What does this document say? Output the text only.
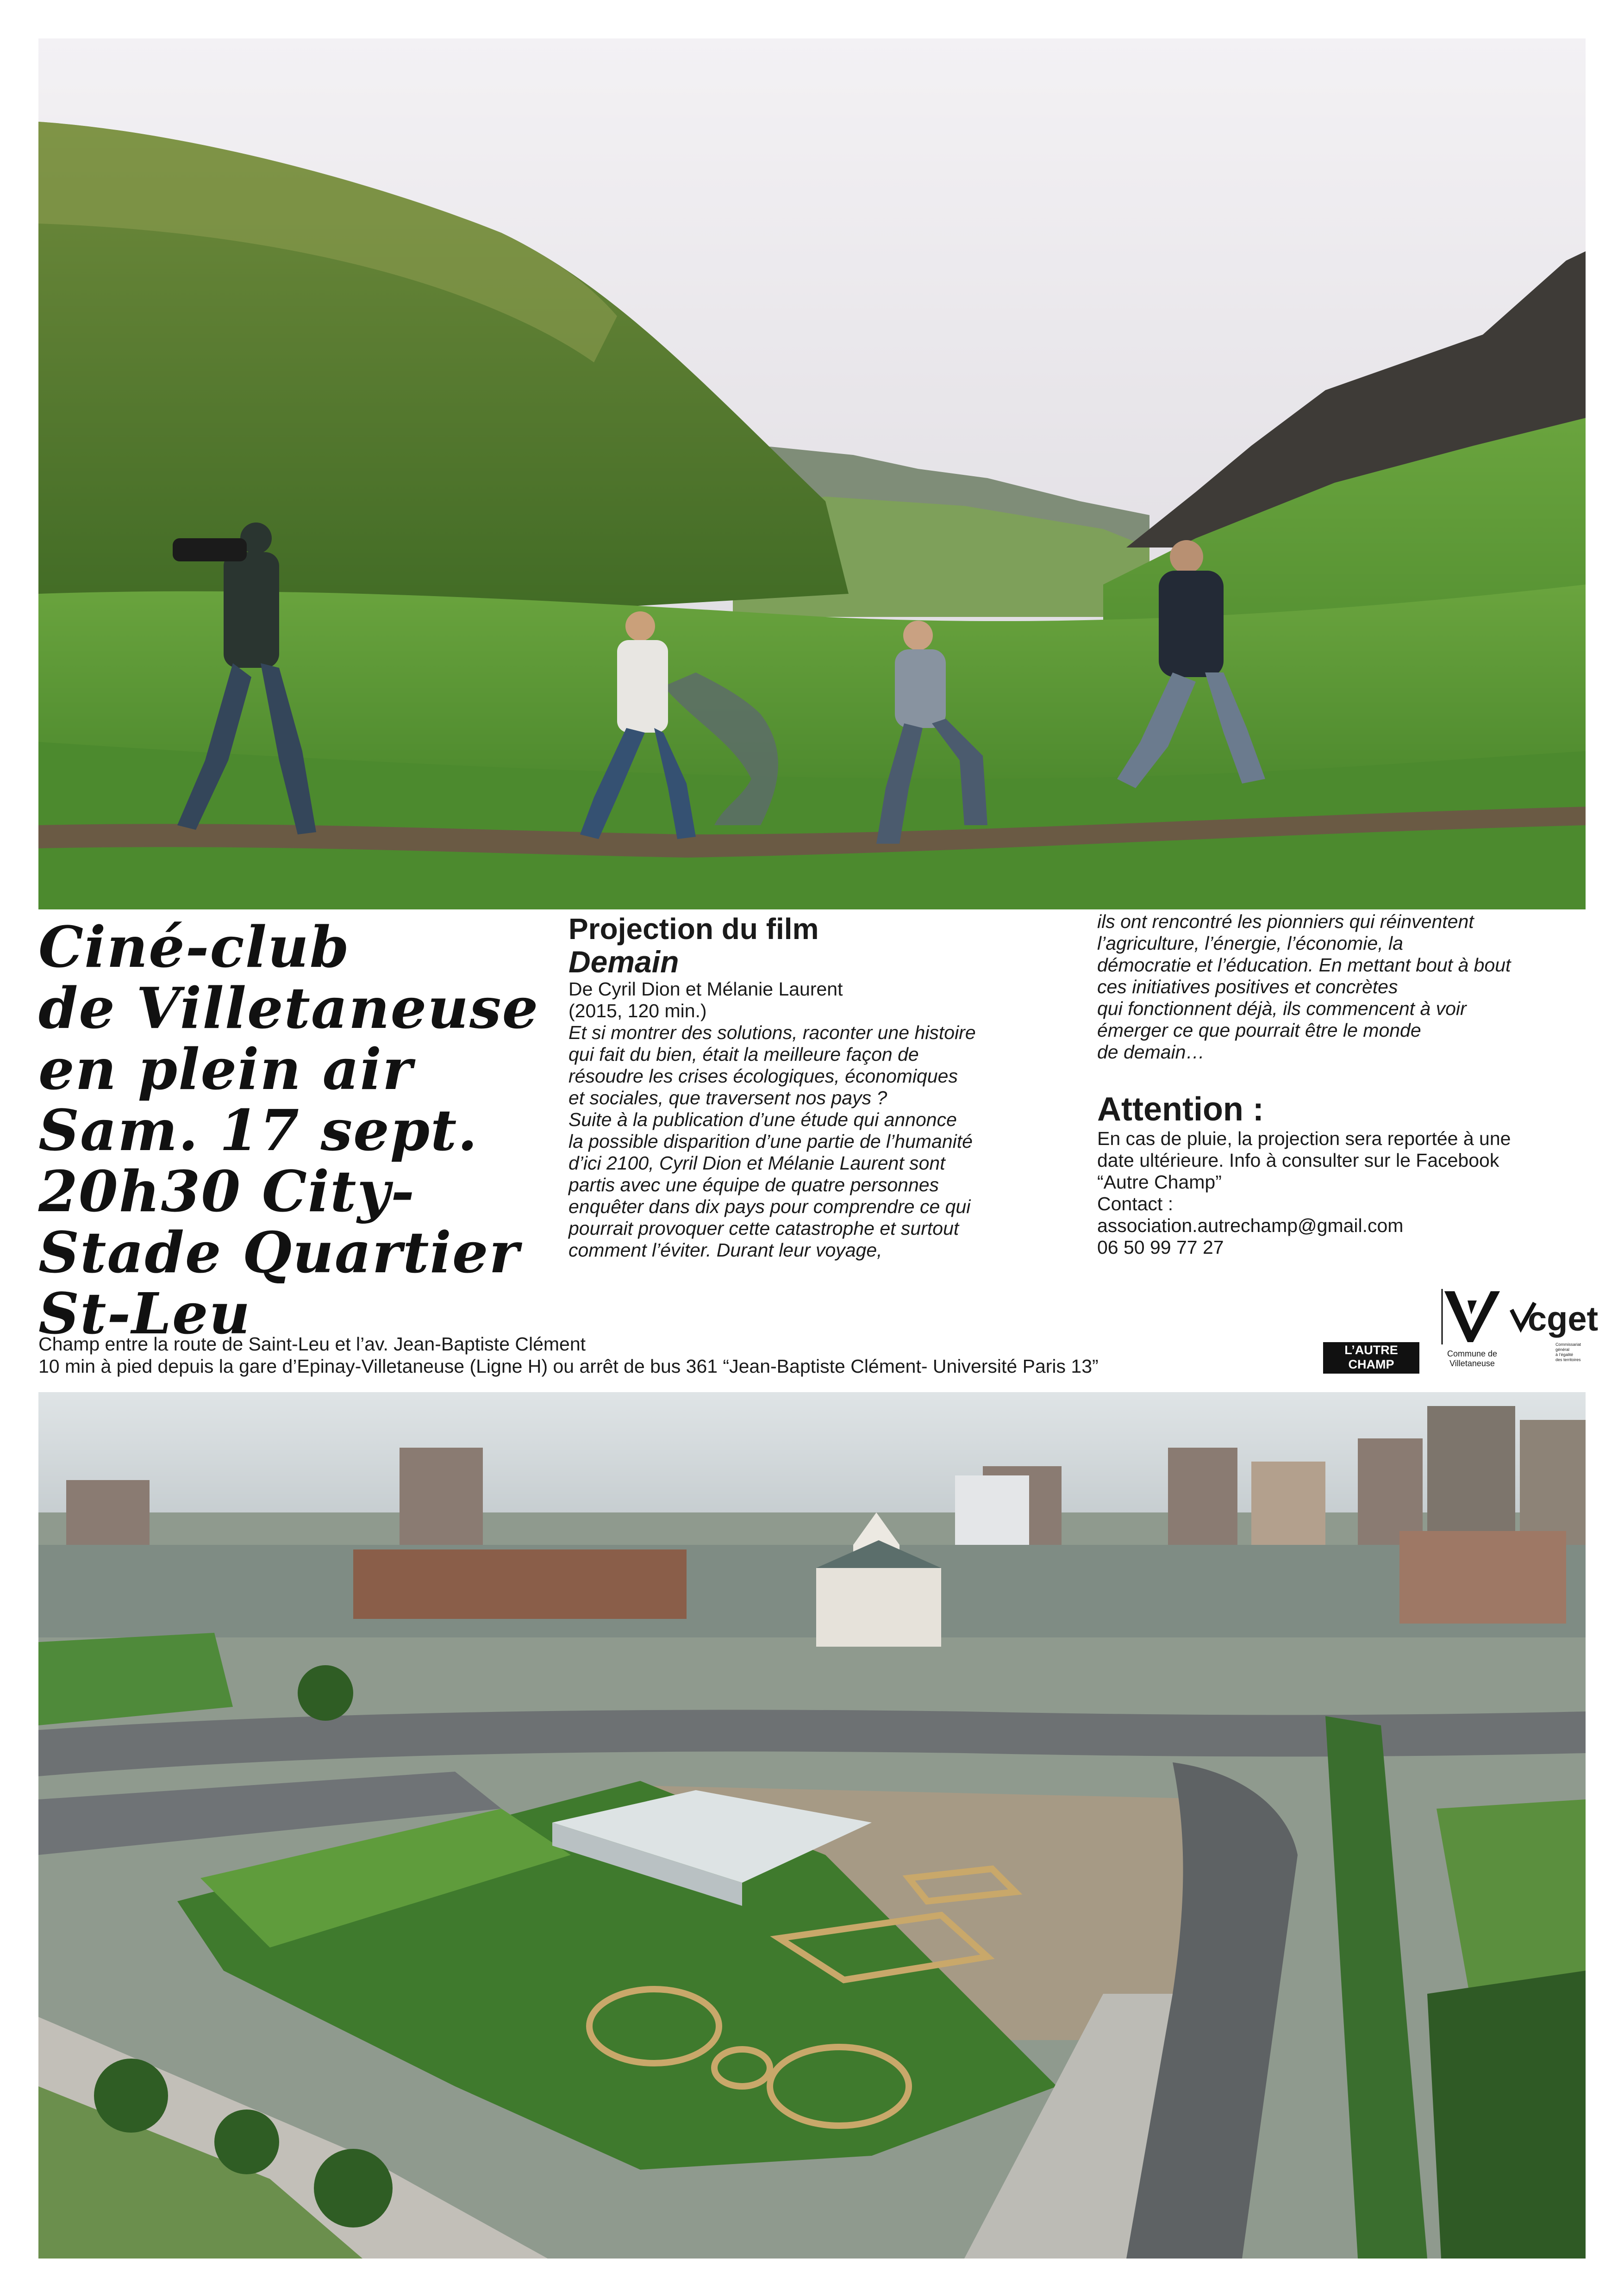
Ciné-club
de Villetaneuse
en plein air
Sam. 17 sept.
20h30 City-
Stade Quartier
St-Leu
Projection du film
Demain
De Cyril Dion et Mélanie Laurent
(2015, 120 min.)
Et si montrer des solutions, raconter une histoire
qui fait du bien, était la meilleure façon de
résoudre les crises écologiques, économiques
et sociales, que traversent nos pays ?
Suite à la publication d’une étude qui annonce
la possible disparition d’une partie de l’humanité
d’ici 2100, Cyril Dion et Mélanie Laurent sont
partis avec une équipe de quatre personnes
enquêter dans dix pays pour comprendre ce qui
pourrait provoquer cette catastrophe et surtout
comment l’éviter. Durant leur voyage,
ils ont rencontré les pionniers qui réinventent
l’agriculture, l’énergie, l’économie, la
démocratie et l’éducation. En mettant bout à bout
ces initiatives positives et concrètes
qui fonctionnent déjà, ils commencent à voir
émerger ce que pourrait être le monde
de demain…
Attention :
En cas de pluie, la projection sera reportée à une
date ultérieure. Info à consulter sur le Facebook
“Autre Champ”
Contact :
association.autrechamp@gmail.com
06 50 99 77 27
Champ entre la route de Saint-Leu et l’av. Jean-Baptiste Clément
10 min à pied depuis la gare d’Epinay-Villetaneuse (Ligne H) ou arrêt de bus 361 “Jean-Baptiste Clément- Université Paris 13”
L’AUTRE
CHAMP
Commune de
Villetaneuse
cget
Commissariat
général
à l’égalité
des territoires
